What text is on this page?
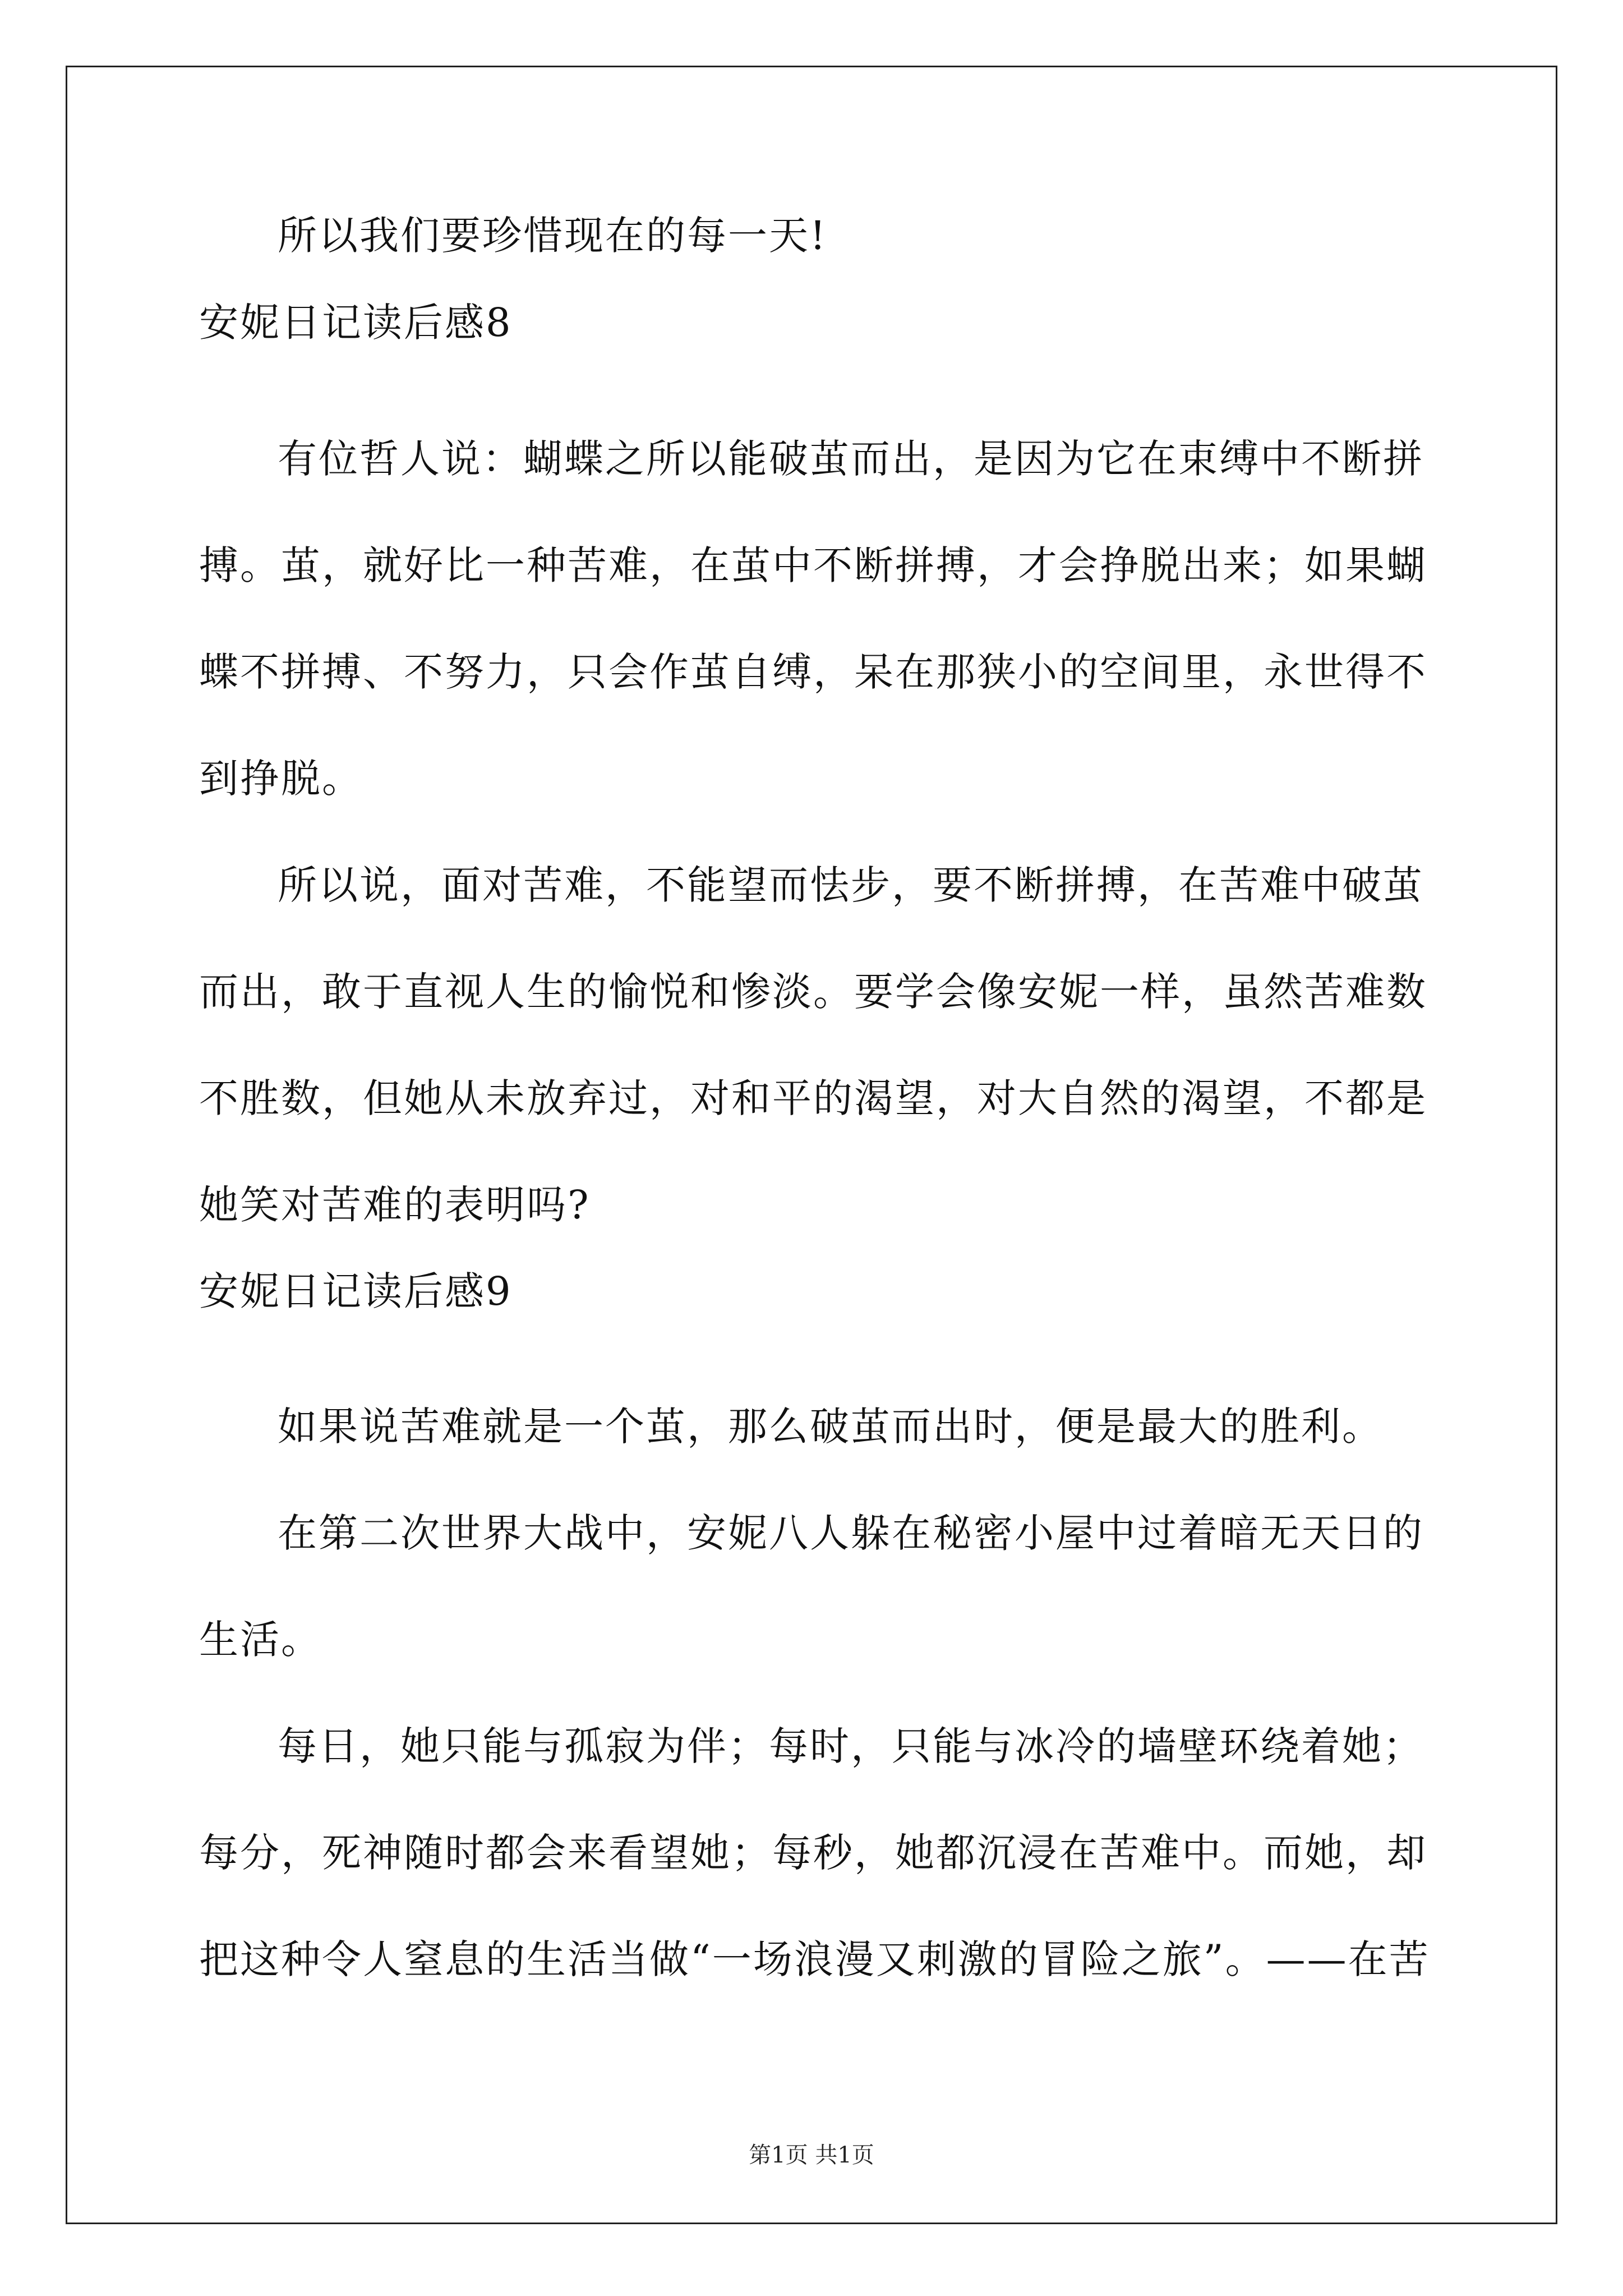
所以我们要珍惜现在的每一天!
安妮日记读后感8
有位哲人说：蝴蝶之所以能破茧而出，是因为它在束缚中不断拼
搏。茧，就好比一种苦难，在茧中不断拼搏，才会挣脱出来；如果蝴
蝶不拼搏、不努力，只会作茧自缚，呆在那狭小的空间里，永世得不
到挣脱。
所以说，面对苦难，不能望而怯步，要不断拼搏，在苦难中破茧
而出，敢于直视人生的愉悦和惨淡。要学会像安妮一样，虽然苦难数
不胜数，但她从未放弃过，对和平的渴望，对大自然的渴望，不都是
她笑对苦难的表明吗?
安妮日记读后感9
如果说苦难就是一个茧，那么破茧而出时，便是最大的胜利。
在第二次世界大战中，安妮八人躲在秘密小屋中过着暗无天日的
生活。
每日，她只能与孤寂为伴；每时，只能与冰冷的墙壁环绕着她；
每分，死神随时都会来看望她；每秒，她都沉浸在苦难中。而她，却
把这种令人窒息的生活当做“一场浪漫又刺激的冒险之旅”。——在苦
第1页 共1页
